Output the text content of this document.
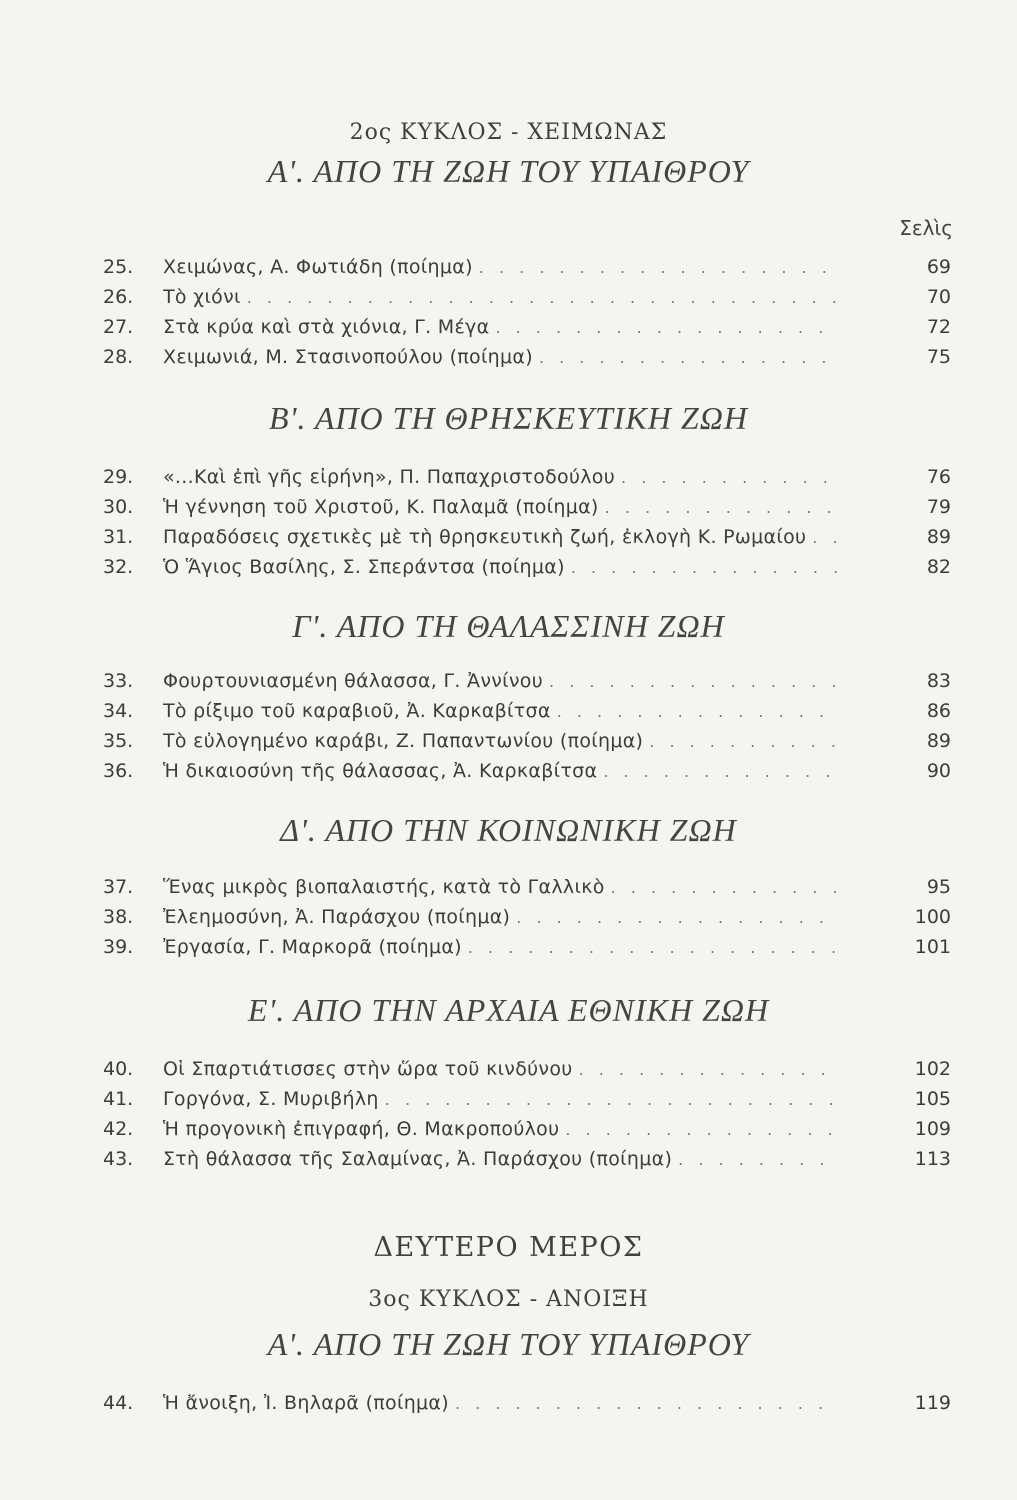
2ος ΚΥΚΛΟΣ - ΧΕΙΜΩΝΑΣ
Α'. ΑΠΟ ΤΗ ΖΩΗ ΤΟΥ ΥΠΑΙΘΡΟΥ
Σελὶς
25.	Χειμώνας, Α. Φωτιάδη (ποίημα) . . .	69
26.	Τὸ χιόνι . . .	70
27.	Στὰ κρύα καὶ στὰ χιόνια, Γ. Μέγα . . .	72
28.	Χειμωνιά, Μ. Στασινοπούλου (ποίημα) . . .	75
Β'. ΑΠΟ ΤΗ ΘΡΗΣΚΕΥΤΙΚΗ ΖΩΗ
29.	«...Καὶ ἐπὶ γῆς εἰρήνη», Π. Παπαχριστοδούλου . . .	76
30.	Ἡ γέννηση τοῦ Χριστοῦ, Κ. Παλαμᾶ (ποίημα) . . .	79
31.	Παραδόσεις σχετικὲς μὲ τὴ θρησκευτικὴ ζωή, ἐκλογὴ Κ. Ρωμαίου . . .	89
32.	Ὁ Ἅγιος Βασίλης, Σ. Σπεράντσα (ποίημα) . . .	82
Γ'. ΑΠΟ ΤΗ ΘΑΛΑΣΣΙΝΗ ΖΩΗ
33.	Φουρτουνιασμένη θάλασσα, Γ. Ἀννίνου . . .	83
34.	Τὸ ρίξιμο τοῦ καραβιοῦ, Ἀ. Καρκαβίτσα . . .	86
35.	Τὸ εὐλογημένο καράβι, Ζ. Παπαντωνίου (ποίημα) . . .	89
36.	Ἡ δικαιοσύνη τῆς θάλασσας, Ἀ. Καρκαβίτσα . . .	90
Δ'. ΑΠΟ ΤΗΝ ΚΟΙΝΩΝΙΚΗ ΖΩΗ
37.	Ἕνας μικρὸς βιοπαλαιστής, κατὰ τὸ Γαλλικὸ . . .	95
38.	Ἐλεημοσύνη, Ἀ. Παράσχου (ποίημα) . . .	100
39.	Ἐργασία, Γ. Μαρκορᾶ (ποίημα) . . .	101
Ε'. ΑΠΟ ΤΗΝ ΑΡΧΑΙΑ ΕΘΝΙΚΗ ΖΩΗ
40.	Οἱ Σπαρτιάτισσες στὴν ὥρα τοῦ κινδύνου . . .	102
41.	Γοργόνα, Σ. Μυριβήλη . . .	105
42.	Ἡ προγονικὴ ἐπιγραφή, Θ. Μακροπούλου . . .	109
43.	Στὴ θάλασσα τῆς Σαλαμίνας, Ἀ. Παράσχου (ποίημα) . . .	113
ΔΕΥΤΕΡΟ ΜΕΡΟΣ
3ος ΚΥΚΛΟΣ - ΑΝΟΙΞΗ
Α'. ΑΠΟ ΤΗ ΖΩΗ ΤΟΥ ΥΠΑΙΘΡΟΥ
44.	Ἡ ἄνοιξη, Ἰ. Βηλαρᾶ (ποίημα) . . .	119
